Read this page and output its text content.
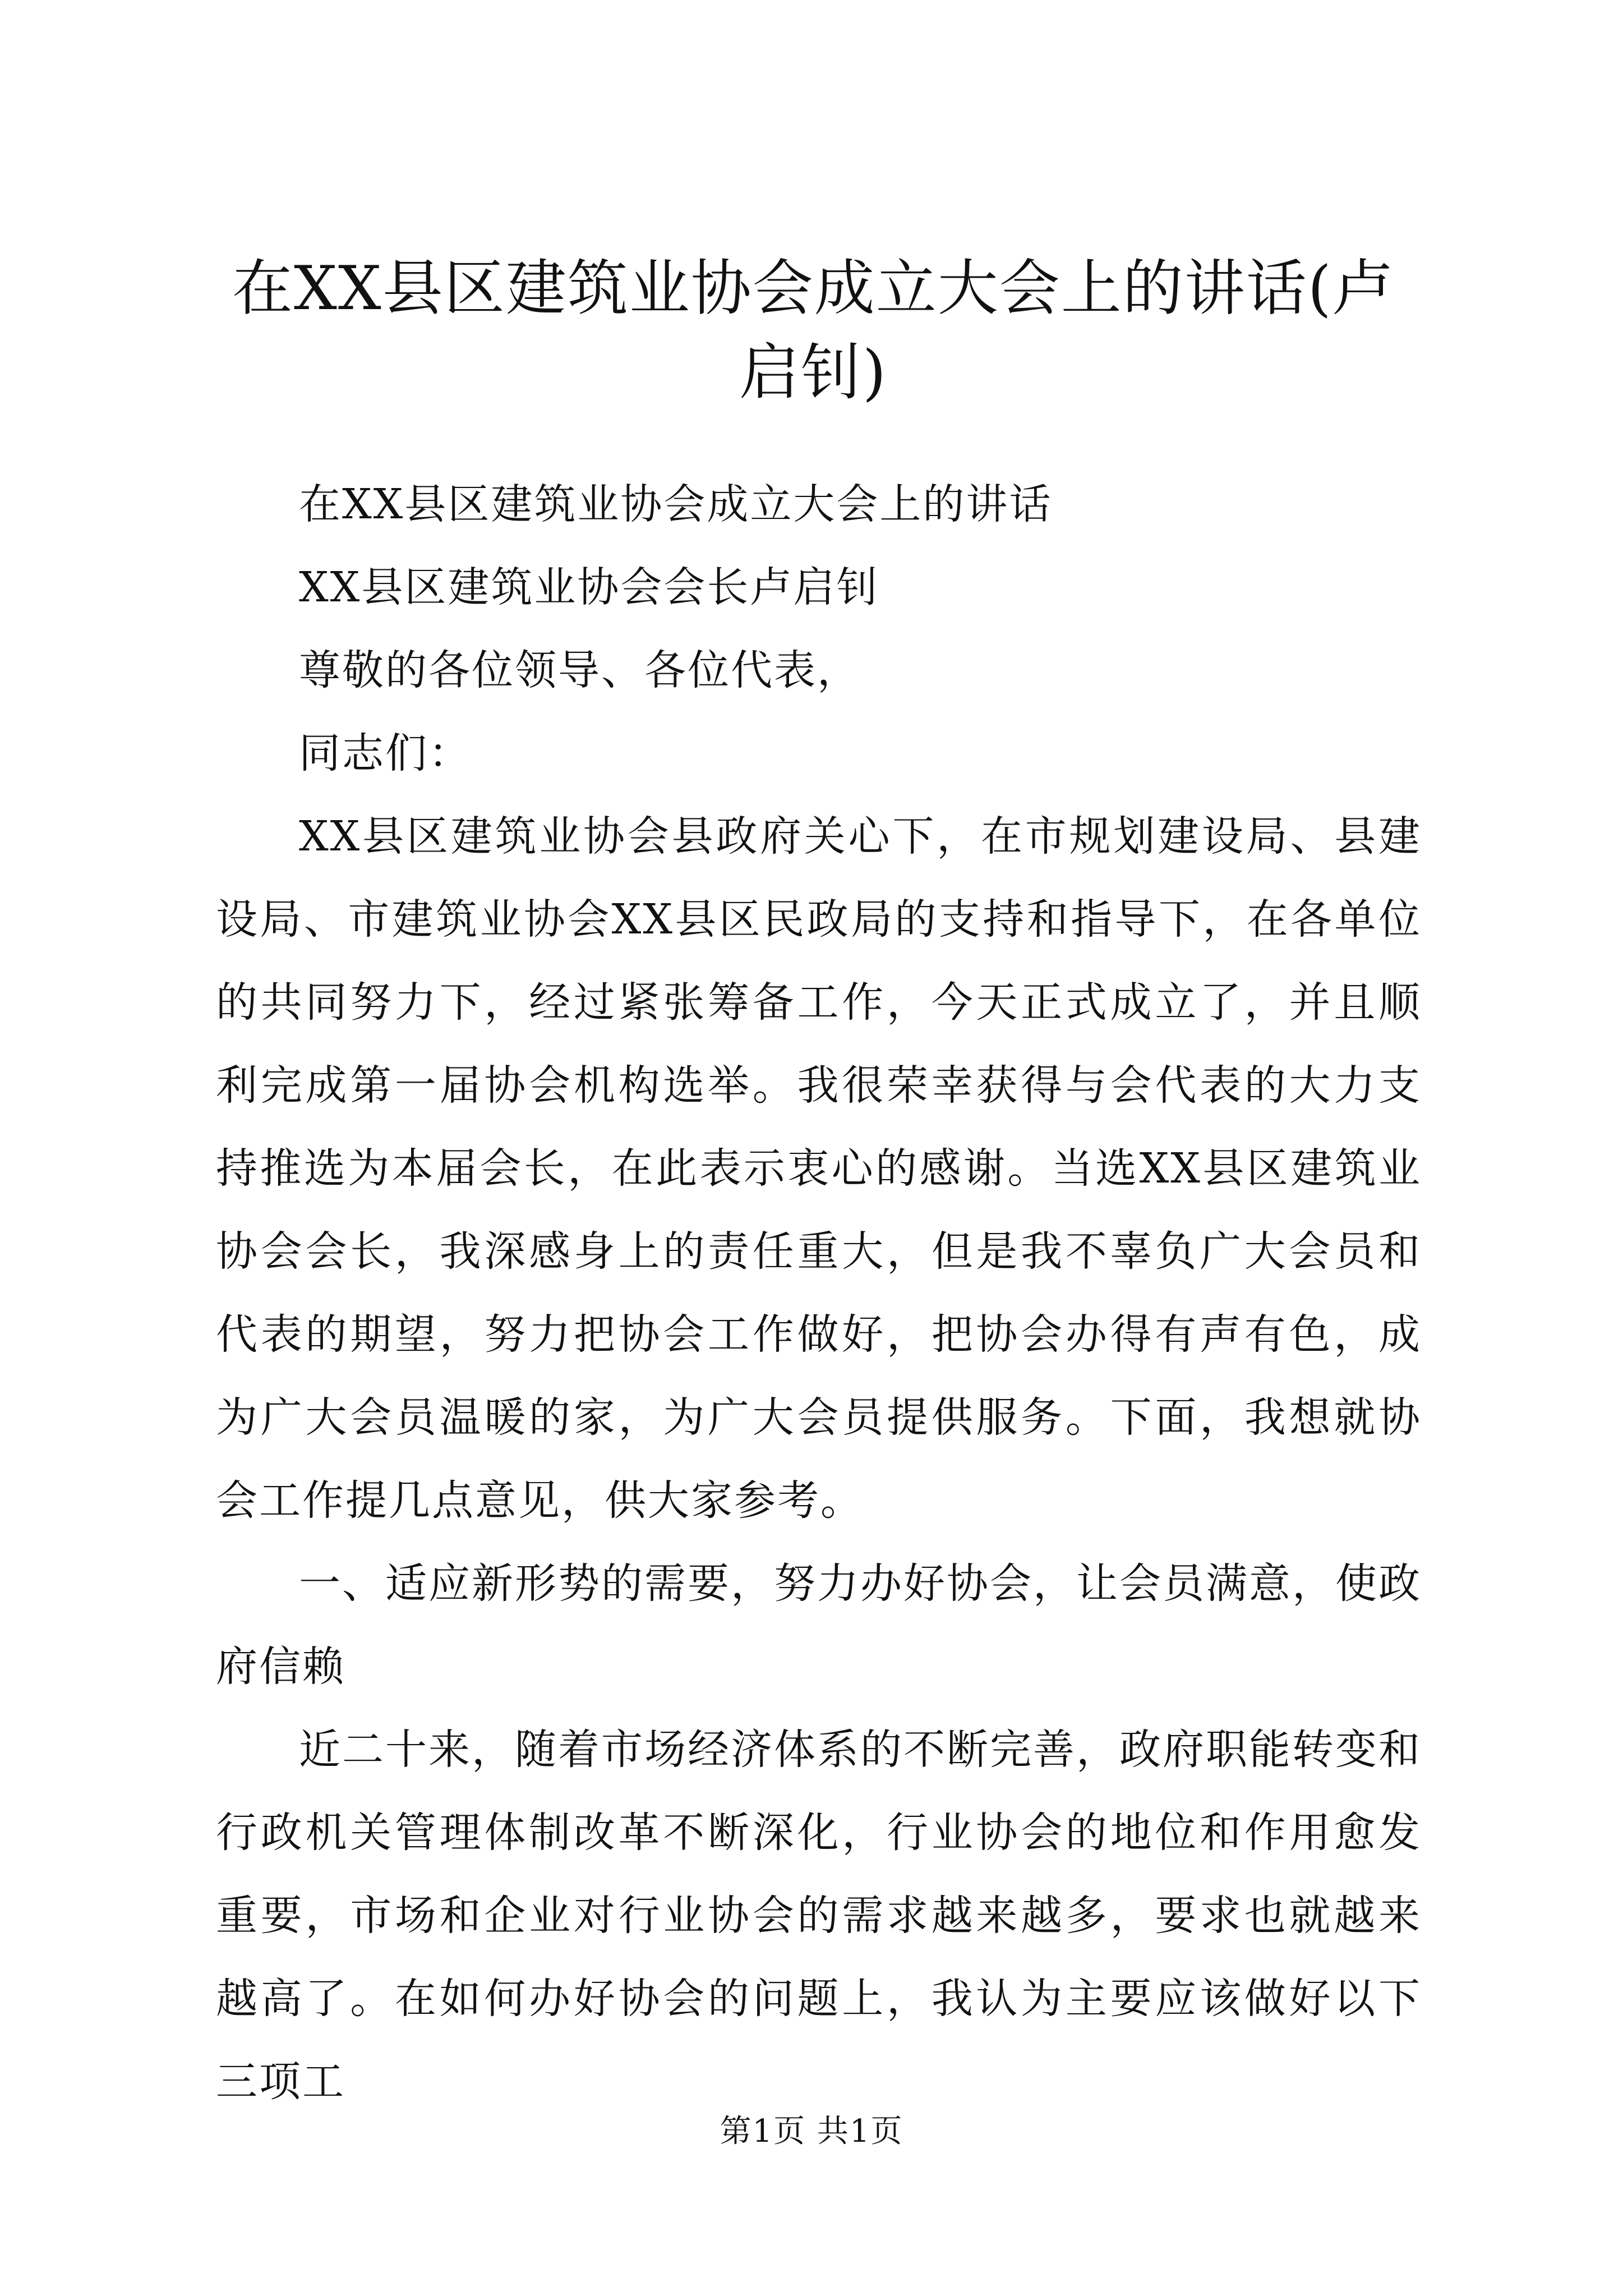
在XX县区建筑业协会成立大会上的讲话(卢启钊)

在XX县区建筑业协会成立大会上的讲话

XX县区建筑业协会会长卢启钊

尊敬的各位领导、各位代表，

同志们：

XX县区建筑业协会县政府关心下，在市规划建设局、县建设局、市建筑业协会XX县区民政局的支持和指导下，在各单位的共同努力下，经过紧张筹备工作，今天正式成立了，并且顺利完成第一届协会机构选举。我很荣幸获得与会代表的大力支持推选为本届会长，在此表示衷心的感谢。当选XX县区建筑业协会会长，我深感身上的责任重大，但是我不辜负广大会员和代表的期望，努力把协会工作做好，把协会办得有声有色，成为广大会员温暖的家，为广大会员提供服务。下面，我想就协会工作提几点意见，供大家参考。

一、适应新形势的需要，努力办好协会，让会员满意，使政府信赖

近二十来，随着市场经济体系的不断完善，政府职能转变和行政机关管理体制改革不断深化，行业协会的地位和作用愈发重要，市场和企业对行业协会的需求越来越多，要求也就越来越高了。在如何办好协会的问题上，我认为主要应该做好以下三项工

第1页 共1页
